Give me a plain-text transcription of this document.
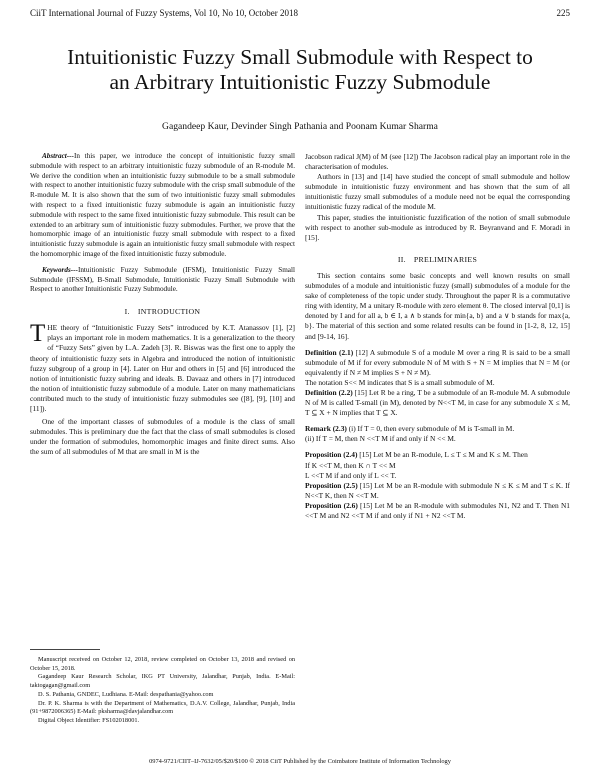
CiiT International Journal of Fuzzy Systems, Vol 10, No 10, October 2018	225
Intuitionistic Fuzzy Small Submodule with Respect to
an Arbitrary Intuitionistic Fuzzy Submodule
Gagandeep Kaur, Devinder Singh Pathania and Poonam Kumar Sharma

Abstract---In this paper, we introduce the concept of intuitionistic fuzzy small submodule with respect to an arbitrary intuitionistic fuzzy submodule of an R-module M. We derive the condition when an intuitionistic fuzzy submodule to be a small submodule with respect to another intuitionistic fuzzy submodule with the crisp small submodule of the R-module M. It is also shown that the sum of two intuitionistic fuzzy small submodules with respect to a fixed intuitionistic fuzzy submodule is again an intuitionistic fuzzy submodule with respect to the same fixed intuitionistic fuzzy submodule. This result can be extended to an arbitrary sum of intuitionistic fuzzy submodules. Further, we prove that the homomorphic image of an intuitionistic fuzzy small submodule with respect to a fixed intuitionistic fuzzy submodule is again an intuitionistic fuzzy small submodule with respect the homomorphic image of the fixed intuitionistic fuzzy submodule.

Keywords---Intuitionistic Fuzzy Submodule (IFSM), Intuitionistic Fuzzy Small Submodule (IFSSM), B-Small Submodule, Intuitionistic Fuzzy Small Submodule with Respect to another Intuitionistic Fuzzy Submodule.

I. INTRODUCTION
T HE theory of “Intuitionistic Fuzzy Sets” introduced by K.T. Atanassov [1], [2] plays an important role in modern mathematics. It is a generalization to the theory of “Fuzzy Sets” given by L.A. Zadeh [3]. R. Biswas was the first one to apply the theory of intuitionistic fuzzy sets in Algebra and introduced the notion of intuitionistic fuzzy subgroup of a group in [4]. Later on Hur and others in [5] and [6] introduced the notion of intuitionistic fuzzy subring and ideals. B. Davaaz and others in [7] introduced the notion of intuitionistic fuzzy submodule of a module. Later on many mathematicians contributed much to the study of intuitionistic fuzzy submodules see ([8], [9], [10] and [11]).

One of the important classes of submodules of a module is the class of small submodules. This is preliminary due the fact that the class of small submodules is closed under the formation of submodules, homomorphic images and finite direct sums. Also the sum of all submodules of M that are small in M is the

Jacobson radical J(M) of M (see [12]) The Jacobson radical play an important role in the characterisation of modules.

Authors in [13] and [14] have studied the concept of small submodule and hollow submodule in intuitionistic fuzzy environment and has shown that the sum of all intuitionistic fuzzy small submodules of a module need not be equal the corresponding intuitionistic fuzzy radical of the module M.

This paper, studies the intuitionistic fuzzification of the notion of small submodule with respect to another sub-module as introduced by R. Beyranvand and F. Moradi in [15].

II. PRELIMINARIES

This section contains some basic concepts and well known results on small submodules of a module and intuitionistic fuzzy (small) submodules of a module for the sake of completeness of the topic under study. Throughout the paper R is a commutative ring with identity, M a unitary R-module with zero element θ. The closed interval [0,1] is denoted by I and for all a, b ∈ I, a ∧ b stands for min{a, b} and a ∨ b stands for max{a, b}. The material of this section and some related results can be found in [1-2, 8, 12, 15] and [9-14, 16].

Definition (2.1) [12] A submodule S of a module M over a ring R is said to be a small submodule of M if for every submodule N of M with S + N = M implies that N = M (or equivalently if N ≠ M implies S + N ≠ M).

The notation S<< M indicates that S is a small submodule of M.

Definition (2.2) [15] Let R be a ring, T be a submodule of an R-module M. A submodule N of M is called T-small (in M), denoted by N<<T M, in case for any submodule X ≤ M, T ⊆ X + N implies that T ⊆ X.

Remark (2.3) (i) If T = 0, then every submodule of M is T-small in M.

(ii) If T = M, then N <<T M if and only if N << M.

Proposition (2.4) [15] Let M be an R-module, L ≤ T ≤ M and K ≤ M. Then

If K <<T M, then K ∩ T << M

L <<T M if and only if L << T.

Proposition (2.5) [15] Let M be an R-module with submodule N ≤ K ≤ M and T ≤ K. If N<<T K, then N <<T M.

Proposition (2.6) [15] Let M be an R-module with submodules N1, N2 and T. Then N1 <<T M and N2 <<T M if and only if N1 + N2 <<T M.

Manuscript received on October 12, 2018, review completed on October 13, 2018 and revised on October 15, 2018.

Gagandeep Kaur Research Scholar, IKG PT University, Jalandhar, Punjab, India. E-Mail: taktogagan@gmail.com

D. S. Pathania, GNDEC, Ludhiana. E-Mail: despathania@yahoo.com

Dr. P. K. Sharma is with the Department of Mathematics, D.A.V. College, Jalandhar, Punjab, India (91+9872006365) E-Mail: pksharma@davjalandhar.com

Digital Object Identifier: FS102018001.

0974-9721/CIIT–IJ-7632/05/$20/$100 © 2018 CiiT Published by the Coimbatore Institute of Information Technology
